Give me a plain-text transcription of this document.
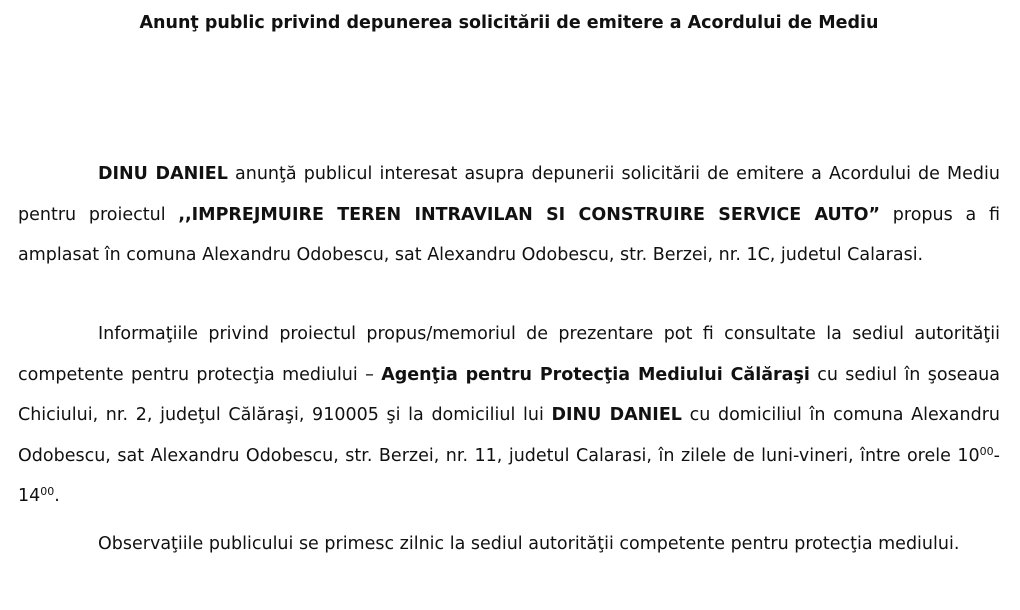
Anunţ public privind depunerea solicitării de emitere a Acordului de Mediu

DINU DANIEL anunţă publicul interesat asupra depunerii solicitării de emitere a Acordului de Mediu pentru proiectul ,,IMPREJMUIRE TEREN INTRAVILAN SI CONSTRUIRE SERVICE AUTO” propus a fi amplasat în comuna Alexandru Odobescu, sat Alexandru Odobescu, str. Berzei, nr. 1C, judetul Calarasi.

Informaţiile privind proiectul propus/memoriul de prezentare pot fi consultate la sediul autorităţii competente pentru protecţia mediului – Agenţia pentru Protecţia Mediului Călăraşi cu sediul în şoseaua Chiciului, nr. 2, judeţul Călăraşi, 910005 şi la domiciliul lui DINU DANIEL cu domiciliul în comuna Alexandru Odobescu, sat Alexandru Odobescu, str. Berzei, nr. 11, judetul Calarasi, în zilele de luni-vineri, între orele $10^{00}-14^{00}$.

Observaţiile publicului se primesc zilnic la sediul autorităţii competente pentru protecţia mediului.
